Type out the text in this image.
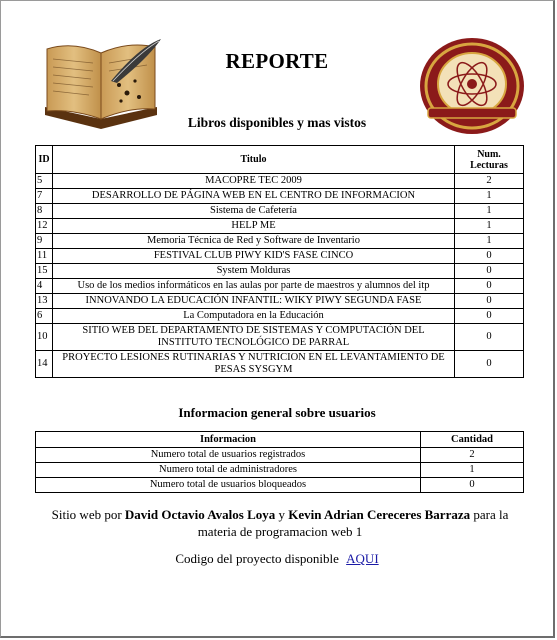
REPORTE
Libros disponibles y mas vistos
ID	Titulo	Num.
Lecturas
5	MACOPRE TEC 2009	2
7	DESARROLLO DE PÁGINA WEB EN EL CENTRO DE INFORMACION	1
8	Sistema de Cafetería	1
12	HELP ME	1
9	Memoria Técnica de Red y Software de Inventario	1
11	FESTIVAL CLUB PIWY KID'S FASE CINCO	0
15	System Molduras	0
4	Uso de los medios informáticos en las aulas por parte de maestros y alumnos del itp	0
13	INNOVANDO LA EDUCACIÓN INFANTIL: WIKY PIWY SEGUNDA FASE	0
6	La Computadora en la Educación	0
10	SITIO WEB DEL DEPARTAMENTO DE SISTEMAS Y COMPUTACIÓN DEL INSTITUTO TECNOLÓGICO DE PARRAL	0
14	PROYECTO LESIONES RUTINARIAS Y NUTRICION EN EL LEVANTAMIENTO DE PESAS SYSGYM	0
Informacion general sobre usuarios
Informacion	Cantidad
Numero total de usuarios registrados	2
Numero total de administradores	1
Numero total de usuarios bloqueados	0
Sitio web por David Octavio Avalos Loya y Kevin Adrian Cereceres Barraza para la materia de programacion web 1
Codigo del proyecto disponible AQUI
